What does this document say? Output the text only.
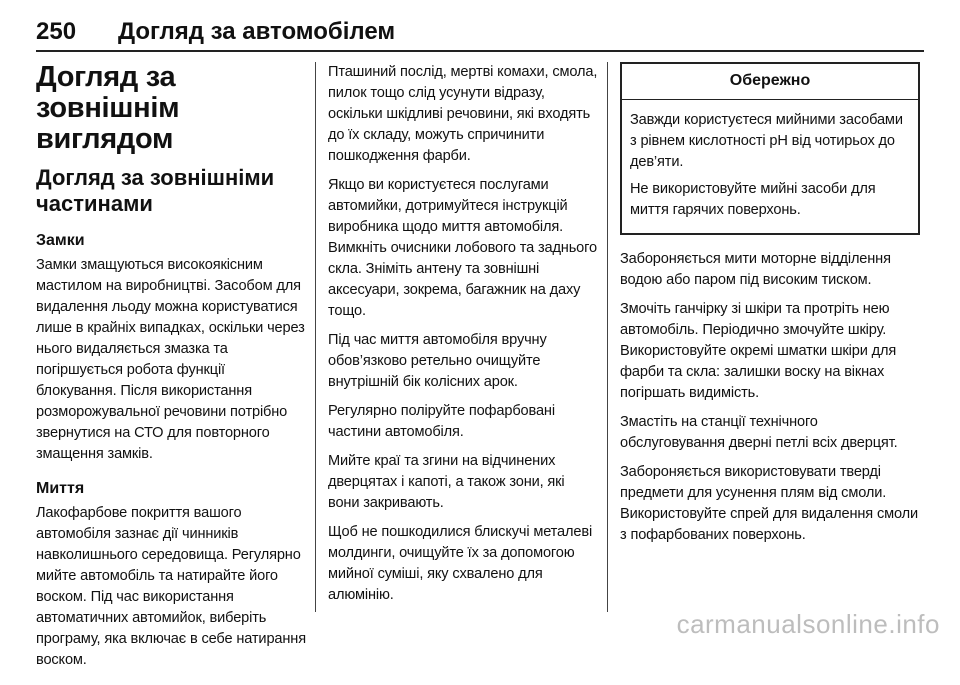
250	Догляд за автомобілем
Догляд за зовнішнім виглядом
Догляд за зовнішніми частинами
Замки

Замки змащуються високоякісним мастилом на виробництві. Засобом для видалення льоду можна користуватися лише в крайніх випадках, оскільки через нього видаляється змазка та погіршується робота функції блокування. Після використання розморожувальної речовини потрібно звернутися на СТО для повторного змащення замків.

Миття

Лакофарбове покриття вашого автомобіля зазнає дії чинників навколишнього середовища. Регулярно мийте автомобіль та натирайте його воском. Під час використання автоматичних автомийок, виберіть програму, яка включає в себе натирання воском.

Пташиний послід, мертві комахи, смола, пилок тощо слід усунути відразу, оскільки шкідливі речовини, які входять до їх складу, можуть спричинити пошкодження фарби.

Якщо ви користуєтеся послугами автомийки, дотримуйтеся інструкцій виробника щодо миття автомобіля. Вимкніть очисники лобового та заднього скла. Зніміть антену та зовнішні аксесуари, зокрема, багажник на даху тощо.

Під час миття автомобіля вручну обов’язково ретельно очищуйте внутрішній бік колісних арок.

Регулярно поліруйте пофарбовані частини автомобіля.

Мийте краї та згини на відчинених дверцятах і капоті, а також зони, які вони закривають.

Щоб не пошкодилися блискучі металеві молдинги, очищуйте їх за допомогою мийної суміші, яку схвалено для алюмінію.

Обережно

Завжди користуєтеся мийними засобами з рівнем кислотності pH від чотирьох до дев’яти.

Не використовуйте мийні засоби для миття гарячих поверхонь.

Забороняється мити моторне відділення водою або паром під високим тиском.

Змочіть ганчірку зі шкіри та протріть нею автомобіль. Періодично змочуйте шкіру. Використовуйте окремі шматки шкіри для фарби та скла: залишки воску на вікнах погіршать видимість.

Змастіть на станції технічного обслуговування дверні петлі всіх дверцят.

Забороняється використовувати тверді предмети для усунення плям від смоли. Використовуйте спрей для видалення смоли з пофарбованих поверхонь.

carmanualsonline.info
